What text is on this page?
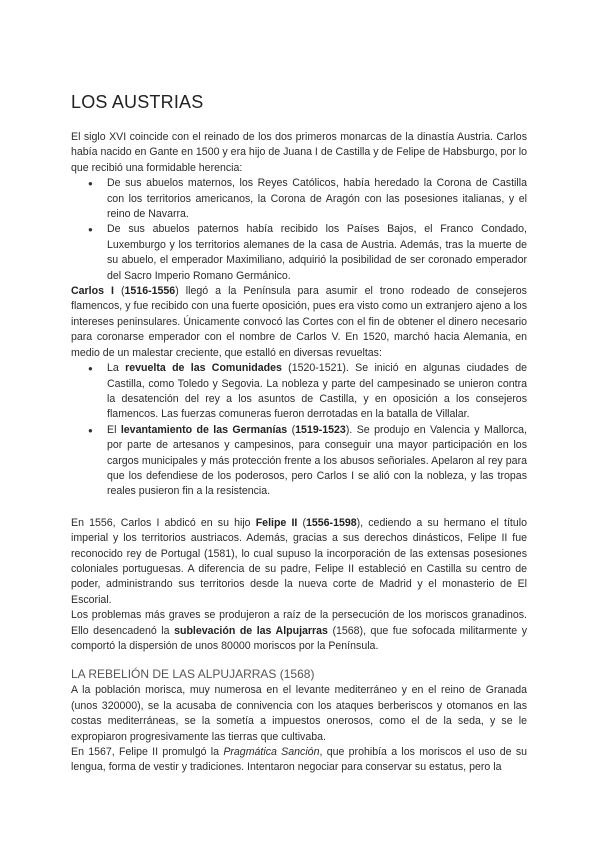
LOS AUSTRIAS

El siglo XVI coincide con el reinado de los dos primeros monarcas de la dinastía Austria. Carlos había nacido en Gante en 1500 y era hijo de Juana I de Castilla y de Felipe de Habsburgo, por lo que recibió una formidable herencia:

● De sus abuelos maternos, los Reyes Católicos, había heredado la Corona de Castilla con los territorios americanos, la Corona de Aragón con las posesiones italianas, y el reino de Navarra.
● De sus abuelos paternos había recibido los Países Bajos, el Franco Condado, Luxemburgo y los territorios alemanes de la casa de Austria. Además, tras la muerte de su abuelo, el emperador Maximiliano, adquirió la posibilidad de ser coronado emperador del Sacro Imperio Romano Germánico.

Carlos I (1516-1556) llegó a la Península para asumir el trono rodeado de consejeros flamencos, y fue recibido con una fuerte oposición, pues era visto como un extranjero ajeno a los intereses peninsulares. Únicamente convocó las Cortes con el fin de obtener el dinero necesario para coronarse emperador con el nombre de Carlos V. En 1520, marchó hacia Alemania, en medio de un malestar creciente, que estalló en diversas revueltas:

● La revuelta de las Comunidades (1520-1521). Se inició en algunas ciudades de Castilla, como Toledo y Segovia. La nobleza y parte del campesinado se unieron contra la desatención del rey a los asuntos de Castilla, y en oposición a los consejeros flamencos. Las fuerzas comuneras fueron derrotadas en la batalla de Villalar.
● El levantamiento de las Germanías (1519-1523). Se produjo en Valencia y Mallorca, por parte de artesanos y campesinos, para conseguir una mayor participación en los cargos municipales y más protección frente a los abusos señoriales. Apelaron al rey para que los defendiese de los poderosos, pero Carlos I se alió con la nobleza, y las tropas reales pusieron fin a la resistencia.

En 1556, Carlos I abdicó en su hijo Felipe II (1556-1598), cediendo a su hermano el título imperial y los territorios austriacos. Además, gracias a sus derechos dinásticos, Felipe II fue reconocido rey de Portugal (1581), lo cual supuso la incorporación de las extensas posesiones coloniales portuguesas. A diferencia de su padre, Felipe II estableció en Castilla su centro de poder, administrando sus territorios desde la nueva corte de Madrid y el monasterio de El Escorial.

Los problemas más graves se produjeron a raíz de la persecución de los moriscos granadinos. Ello desencadenó la sublevación de las Alpujarras (1568), que fue sofocada militarmente y comportó la dispersión de unos 80000 moriscos por la Península.

LA REBELIÓN DE LAS ALPUJARRAS (1568)

A la población morisca, muy numerosa en el levante mediterráneo y en el reino de Granada (unos 320000), se la acusaba de connivencia con los ataques berberiscos y otomanos en las costas mediterráneas, se la sometía a impuestos onerosos, como el de la seda, y se le expropiaron progresivamente las tierras que cultivaba.

En 1567, Felipe II promulgó la Pragmática Sanción, que prohibía a los moriscos el uso de su lengua, forma de vestir y tradiciones. Intentaron negociar para conservar su estatus, pero la
